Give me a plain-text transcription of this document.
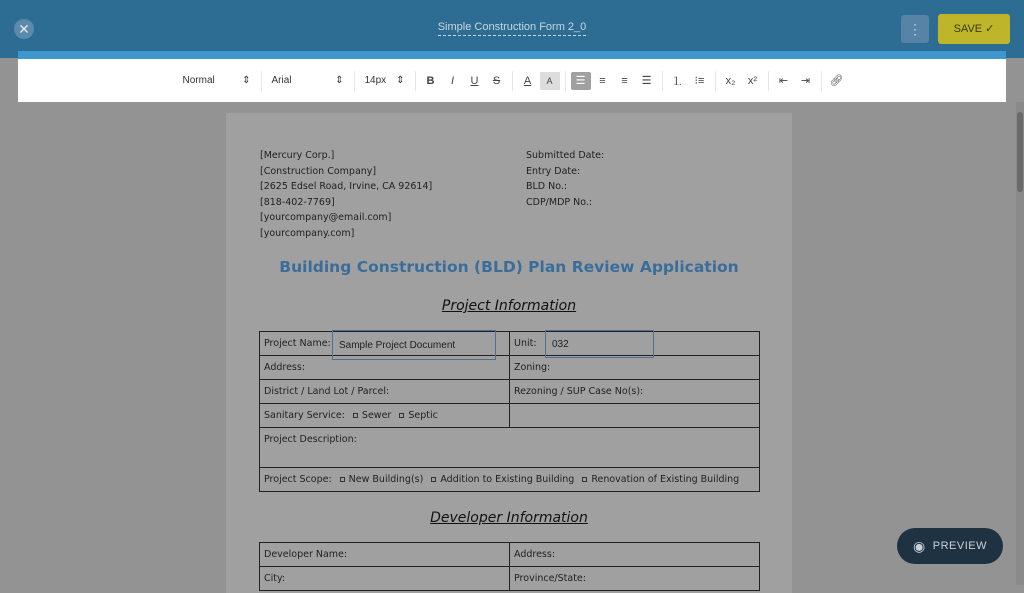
✕	Simple Construction Form 2_0	⋮	SAVE ✓
Normal	⇕ Arial	⇕ 14px ⇕	B	I	U	S	A	A	☰ ≡ ≡ ☰ ⒈ ⁝≡	x₂	x²	⇤ ⇥ 🔗︎
[Mercury Corp.]
[Construction Company]
[2625 Edsel Road, Irvine, CA 92614]
[818-402-7769]
[yourcompany@email.com]
[yourcompany.com]
Submitted Date:
Entry Date:
BLD No.:
CDP/MDP No.:
Building Construction (BLD) Plan Review Application
Project Information
Project Name:	Unit:
Address:	Zoning:
District / Land Lot / Parcel:	Rezoning / SUP Case No(s):
Sanitary Service: Sewer Septic	
Project Description:	
Project Scope: New Building(s) Addition to Existing Building Renovation of Existing Building	
Sample Project Document	032
Developer Information
Developer Name:	Address:
City:	Province/State:
◉ PREVIEW
